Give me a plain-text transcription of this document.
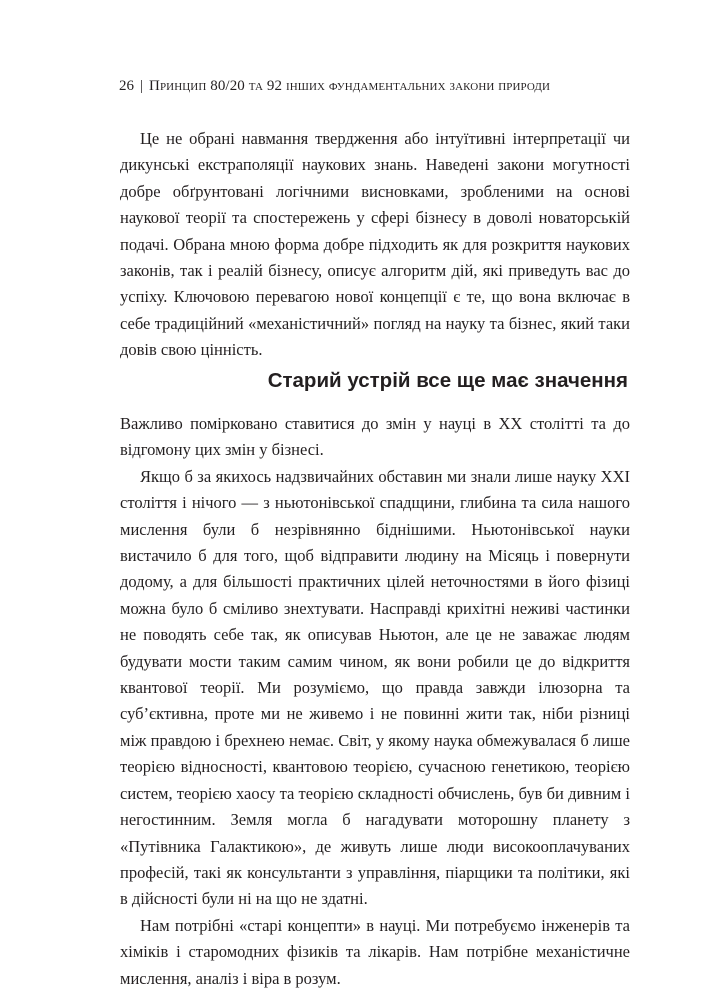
26 | Принцип 80/20 та 92 інших фундаментальних закони природи

Це не обрані навмання твердження або інтуїтивні інтерпретації чи дикунські екстраполяції наукових знань. Наведені закони могутності добре обґрунтовані логічними висновками, зробленими на основі наукової теорії та спостережень у сфері бізнесу в доволі новаторській подачі. Обрана мною форма добре підходить як для розкриття наукових законів, так і реалій бізнесу, описує алгоритм дій, які приведуть вас до успіху. Ключовою перевагою нової концепції є те, що вона включає в себе традиційний «механістичний» погляд на науку та бізнес, який таки довів свою цінність.

Старий устрій все ще має значення

Важливо помірковано ставитися до змін у науці в ХХ столітті та до відгомону цих змін у бізнесі.

Якщо б за якихось надзвичайних обставин ми знали лише науку ХХІ століття і нічого — з ньютонівської спадщини, глибина та сила нашого мислення були б незрівнянно біднішими. Ньютонівської науки вистачило б для того, щоб відправити людину на Місяць і повернути додому, а для більшості практичних цілей неточностями в його фізиці можна було б сміливо знехтувати. Насправді крихітні неживі частинки не поводять себе так, як описував Ньютон, але це не заважає людям будувати мости таким самим чином, як вони робили це до відкриття квантової теорії. Ми розуміємо, що правда завжди ілюзорна та суб’єктивна, проте ми не живемо і не повинні жити так, ніби різниці між правдою і брехнею немає. Світ, у якому наука обмежувалася б лише теорією відносності, квантовою теорією, сучасною генетикою, теорією систем, теорією хаосу та теорією складності обчислень, був би дивним і негостинним. Земля могла б нагадувати моторошну планету з «Путівника Галактикою», де живуть лише люди високооплачуваних професій, такі як консультанти з управління, піарщики та політики, які в дійсності були ні на що не здатні.

Нам потрібні «старі концепти» в науці. Ми потребуємо інженерів та хіміків і старомодних фізиків та лікарів. Нам потрібне механістичне мислення, аналіз і віра в розум.
